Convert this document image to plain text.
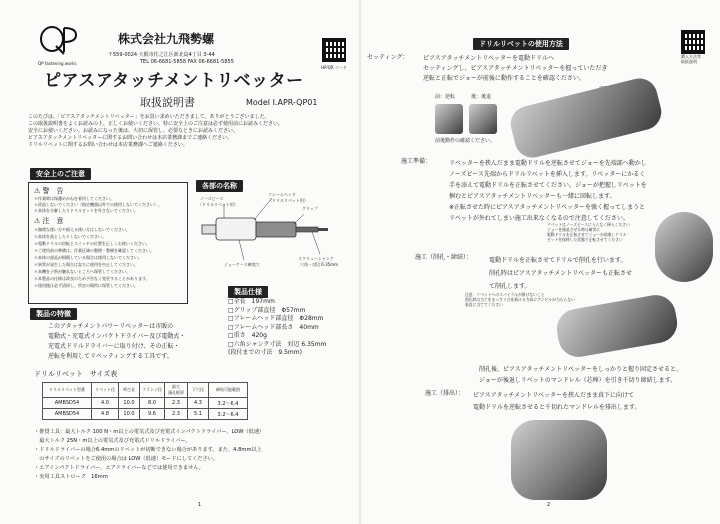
QP fastening works
株式会社九飛勢螺
〒559-0024 大阪市住之江区新北島4丁目 3-44
TEL 06-6681-5858 FAX 06-6681-5855
HP/QR コード
ピアスアタッチメントリベッター
取扱説明書	Model I.APR-QP01
このたびは、「ピアスアタッチメントリベッター」をお買い求めいただきまして、ありがとうございました。
この取扱説明書をよくお読みの上、正しくお使いください。特に安全上のご注意は必ず使用前にお読みください。
安全にお使いください。お読みになった後は、大切に保管し、必要なときにお読みください。
ピアスアタッチメントリベッターに関するお問い合わせは本店業務課までご連絡ください。
ドリルリベットに関するお問い合わせは本店業務課へご連絡ください。
安全上のご注意
⚠ 警　告
＊作業時は保護めがねを着用してください。
＊改造しないでください（指定機器以外での使用しないでください）。
＊本体を分解したりドリルビットを外さないでください。
⚠ 注　意
＊無理な使い方や耐える使い方はしないでください。
＊本体を落としたりしないでください。
＊電動ドリルの回転とスイッチの位置を正しくお使いください。
＊ご使用前の準備は、作業区域の整理・整頓を確認してください。
＊本体の部品が損傷している場合は使用しないでください。
＊異常が発生した場合は直ちに使用を中止してください。
＊本機を子供が触れないところへ保管してください。
＊本製品の仕様は改良のため予告なく変更することがあります。
＊使用後は必ず清掃し、所定の場所に保管してください。
各部の名称
フレームヘッド
ノーズピース
（ドリルリベット用）
（ドリルリベット用）
グリップ
ジョーケース締変穴
スクリューシャンク
六角・対辺 6.35mm
製品仕様
□全長　197mm
□グリップ部直径　Φ57mm
□フレームヘッド部直径　Φ28mm
□フレームヘッド部長さ　40mm
□重さ　420g
□六角シャンク寸法　対辺 6.35mm
(段付までの寸法　9.5mm)
製品の特徴
このアタッチメントパワーリベッターは市販の
電動式・充電式インパクトドライバー及び電動式・
充電式ドリルドライバーに取り付け、その正転・
逆転を利用してリベッティングする工具です。
ドリルリベット　サイズ表
ドリルリベット型番	リベット径	呼び長	フランジ径	最大
頭孔板厚	下穴径	締結可能範囲
AMBSD54	4.0	10.0	8.0	2.3	4.3	3.2〜6.4
AMBSD54	4.8	10.0	9.6	2.3	5.1	3.2〜6.4
・推奨工具：最大トルク 100 N・m以上の電気式及び充電式インパクトドライバー、LOW（低速）
　最大トルク 25N・m以上の電気式及び充電式ドリルドライバー。
・ドリルドライバーの場合6.4mmのリベットが切断できない場合があります。また、4.8mm以上
　のサイズのリベットをご使用の場合は LOW（低速）モードにしてください。
・エアインパクトドライバー、エアドライバーなどでは使用できません。
・実用工具ストローク　16mm
1
ドリルリベットの使用方法
購入方法等
取扱説明
セッティング： ピアスアタッチメントリベッターを電動ドリルへ
セッティングし、ピアスアタッチメントリベッターを握っていただき
逆転と正転でジョーが前後に動作することを確認ください。
前：逆転	後：後退
前後動作の確認ください。
施工準備：	リベッターを挟んだまま電動ドリルを逆転させてジョーを先端部へ動かし
ノーズピース先端からドリルリベットを挿入します。リベッターにかるく
手を添えて電動ドリルを正転させてください。ジョーが把握しリベットを
掴むとピアスアタッチメントリベッターも一緒に回転します。
※正転させた時にピアスアタッチメントリベッターを強く握ってしまうと
リベットが外れてしまい施工出来なくなるので注意してください。
リベットはノーズピースに入らなく挿入ください
ジョーを後退させる時は確実に
電動ドリルを正転させてジョーが前進しドリル
ビットを保持した状態で正転させてください
施工（削孔・締結）：	電動ドリルを正転させてドリルで削孔を行います。
削孔時はピアスアタッチメントリベッターも正転させ
て削孔します。
注意：リベットへのスパイラルが掛けないこと
削孔時は当てをまっすぐ凸を続ける方向にアンビルが当たらない
垂直に当ててください
削孔後、ピアスアタッチメントリベッターをしっかりと握り固定させると、
ジョーが後退しリベットのマンドレル（芯棒）を引き千切り締結します。
施工（排出）： ピアスアタッチメントリベッターを挟んだまま真下に向けて
電動ドリルを逆転させると千切れたマンドレルを排出します。
2
